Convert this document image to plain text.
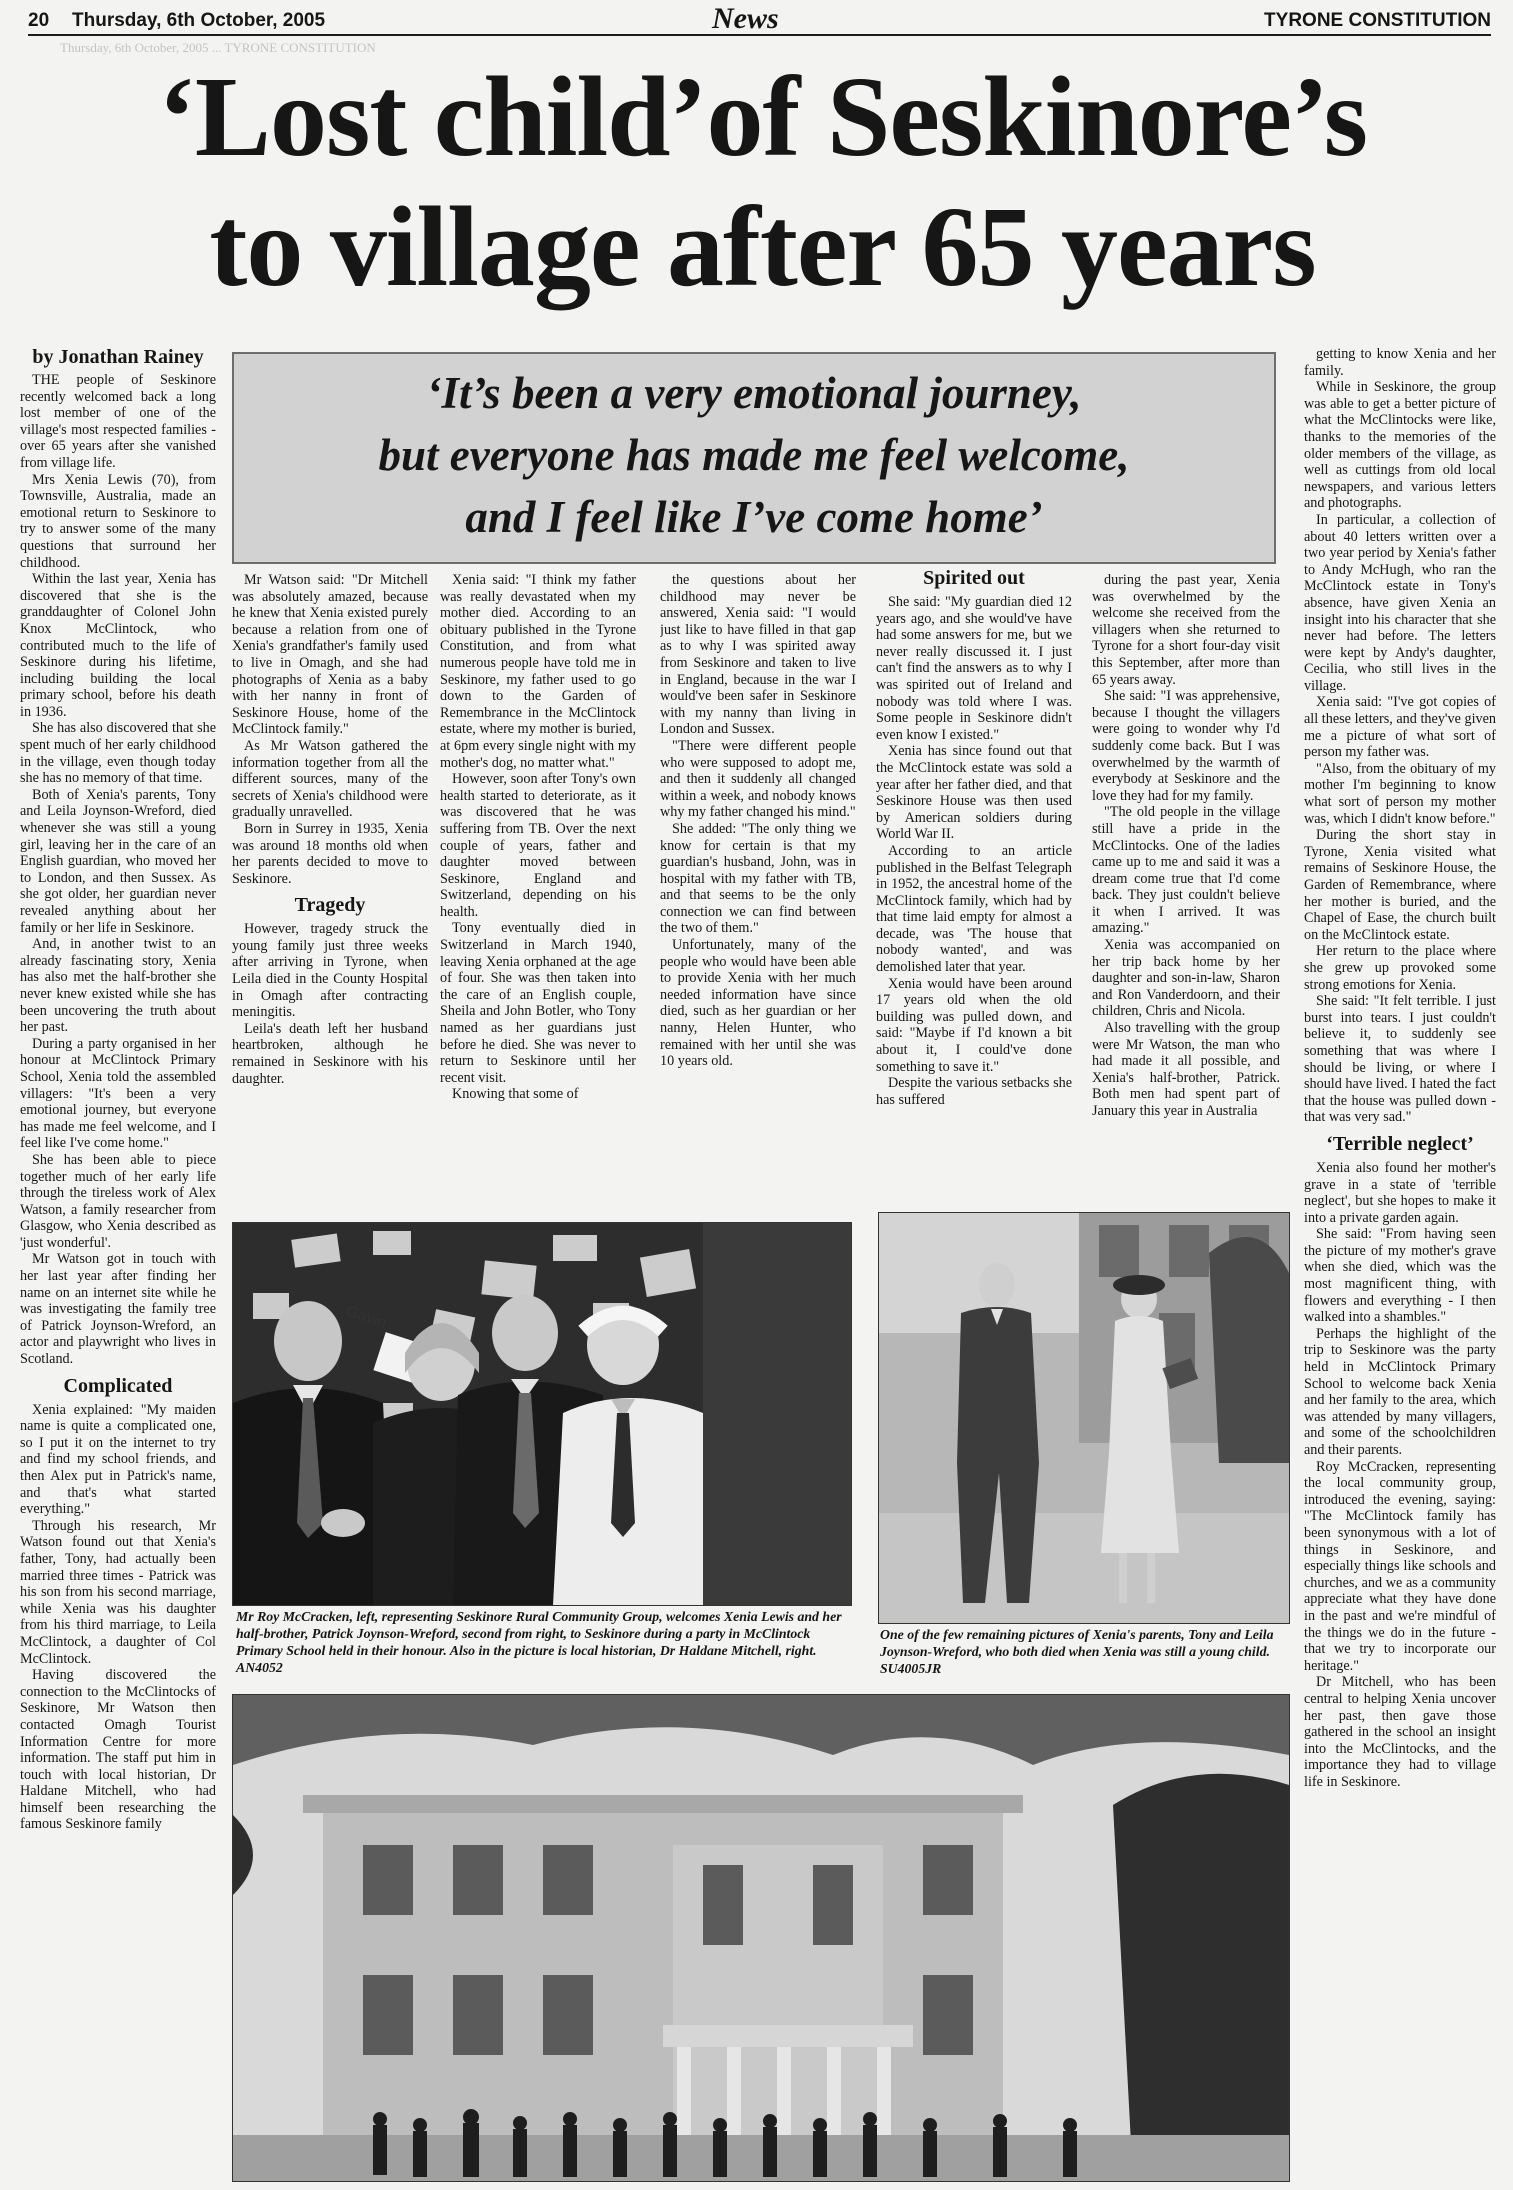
20 Thursday, 6th October, 2005	News	TYRONE CONSTITUTION
Thursday, 6th October, 2005 ... TYRONE CONSTITUTION
‘Lost child’of Seskinore’s
to village after 65 years
‘It’s been a very emotional journey,
but everyone has made me feel welcome,
and I feel like I’ve come home’
by Jonathan Rainey

THE people of Seskinore recently welcomed back a long lost member of one of the village's most respected families - over 65 years after she vanished from village life.

Mrs Xenia Lewis (70), from Townsville, Australia, made an emotional return to Seskinore to try to answer some of the many questions that surround her childhood.

Within the last year, Xenia has discovered that she is the granddaughter of Colonel John Knox McClintock, who contributed much to the life of Seskinore during his lifetime, including building the local primary school, before his death in 1936.

She has also discovered that she spent much of her early childhood in the village, even though today she has no memory of that time.

Both of Xenia's parents, Tony and Leila Joynson-Wreford, died whenever she was still a young girl, leaving her in the care of an English guardian, who moved her to London, and then Sussex. As she got older, her guardian never revealed anything about her family or her life in Seskinore.

And, in another twist to an already fascinating story, Xenia has also met the half-brother she never knew existed while she has been uncovering the truth about her past.

During a party organised in her honour at McClintock Primary School, Xenia told the assembled villagers: "It's been a very emotional journey, but everyone has made me feel welcome, and I feel like I've come home."

She has been able to piece together much of her early life through the tireless work of Alex Watson, a family researcher from Glasgow, who Xenia described as 'just wonderful'.

Mr Watson got in touch with her last year after finding her name on an internet site while he was investigating the family tree of Patrick Joynson-Wreford, an actor and playwright who lives in Scotland.

Complicated

Xenia explained: "My maiden name is quite a complicated one, so I put it on the internet to try and find my school friends, and then Alex put in Patrick's name, and that's what started everything."

Through his research, Mr Watson found out that Xenia's father, Tony, had actually been married three times - Patrick was his son from his second marriage, while Xenia was his daughter from his third marriage, to Leila McClintock, a daughter of Col McClintock.

Having discovered the connection to the McClintocks of Seskinore, Mr Watson then contacted Omagh Tourist Information Centre for more information. The staff put him in touch with local historian, Dr Haldane Mitchell, who had himself been researching the famous Seskinore family

Mr Watson said: "Dr Mitchell was absolutely amazed, because he knew that Xenia existed purely because a relation from one of Xenia's grandfather's family used to live in Omagh, and she had photographs of Xenia as a baby with her nanny in front of Seskinore House, home of the McClintock family."

As Mr Watson gathered the information together from all the different sources, many of the secrets of Xenia's childhood were gradually unravelled.

Born in Surrey in 1935, Xenia was around 18 months old when her parents decided to move to Seskinore.

Tragedy

However, tragedy struck the young family just three weeks after arriving in Tyrone, when Leila died in the County Hospital in Omagh after contracting meningitis.

Leila's death left her husband heartbroken, although he remained in Seskinore with his daughter.

Xenia said: "I think my father was really devastated when my mother died. According to an obituary published in the Tyrone Constitution, and from what numerous people have told me in Seskinore, my father used to go down to the Garden of Remembrance in the McClintock estate, where my mother is buried, at 6pm every single night with my mother's dog, no matter what."

However, soon after Tony's own health started to deteriorate, as it was discovered that he was suffering from TB. Over the next couple of years, father and daughter moved between Seskinore, England and Switzerland, depending on his health.

Tony eventually died in Switzerland in March 1940, leaving Xenia orphaned at the age of four. She was then taken into the care of an English couple, Sheila and John Botler, who Tony named as her guardians just before he died. She was never to return to Seskinore until her recent visit.

Knowing that some of

the questions about her childhood may never be answered, Xenia said: "I would just like to have filled in that gap as to why I was spirited away from Seskinore and taken to live in England, because in the war I would've been safer in Seskinore with my nanny than living in London and Sussex.

"There were different people who were supposed to adopt me, and then it suddenly all changed within a week, and nobody knows why my father changed his mind."

She added: "The only thing we know for certain is that my guardian's husband, John, was in hospital with my father with TB, and that seems to be the only connection we can find between the two of them."

Unfortunately, many of the people who would have been able to provide Xenia with her much needed information have since died, such as her guardian or her nanny, Helen Hunter, who remained with her until she was 10 years old.

Spirited out

She said: "My guardian died 12 years ago, and she would've have had some answers for me, but we never really discussed it. I just can't find the answers as to why I was spirited out of Ireland and nobody was told where I was. Some people in Seskinore didn't even know I existed."

Xenia has since found out that the McClintock estate was sold a year after her father died, and that Seskinore House was then used by American soldiers during World War II.

According to an article published in the Belfast Telegraph in 1952, the ancestral home of the McClintock family, which had by that time laid empty for almost a decade, was 'The house that nobody wanted', and was demolished later that year.

Xenia would have been around 17 years old when the old building was pulled down, and said: "Maybe if I'd known a bit about it, I could've done something to save it."

Despite the various setbacks she has suffered

during the past year, Xenia was overwhelmed by the welcome she received from the villagers when she returned to Tyrone for a short four-day visit this September, after more than 65 years away.

She said: "I was apprehensive, because I thought the villagers were going to wonder why I'd suddenly come back. But I was overwhelmed by the warmth of everybody at Seskinore and the love they had for my family.

"The old people in the village still have a pride in the McClintocks. One of the ladies came up to me and said it was a dream come true that I'd come back. They just couldn't believe it when I arrived. It was amazing."

Xenia was accompanied on her trip back home by her daughter and son-in-law, Sharon and Ron Vanderdoorn, and their children, Chris and Nicola.

Also travelling with the group were Mr Watson, the man who had made it all possible, and Xenia's half-brother, Patrick. Both men had spent part of January this year in Australia

getting to know Xenia and her family.

While in Seskinore, the group was able to get a better picture of what the McClintocks were like, thanks to the memories of the older members of the village, as well as cuttings from old local newspapers, and various letters and photographs.

In particular, a collection of about 40 letters written over a two year period by Xenia's father to Andy McHugh, who ran the McClintock estate in Tony's absence, have given Xenia an insight into his character that she never had before. The letters were kept by Andy's daughter, Cecilia, who still lives in the village.

Xenia said: "I've got copies of all these letters, and they've given me a picture of what sort of person my father was.

"Also, from the obituary of my mother I'm beginning to know what sort of person my mother was, which I didn't know before."

During the short stay in Tyrone, Xenia visited what remains of Seskinore House, the Garden of Remembrance, where her mother is buried, and the Chapel of Ease, the church built on the McClintock estate.

Her return to the place where she grew up provoked some strong emotions for Xenia.

She said: "It felt terrible. I just burst into tears. I just couldn't believe it, to suddenly see something that was where I should be living, or where I should have lived. I hated the fact that the house was pulled down - that was very sad."

‘Terrible neglect’

Xenia also found her mother's grave in a state of 'terrible neglect', but she hopes to make it into a private garden again.

She said: "From having seen the picture of my mother's grave when she died, which was the most magnificent thing, with flowers and everything - I then walked into a shambles."

Perhaps the highlight of the trip to Seskinore was the party held in McClintock Primary School to welcome back Xenia and her family to the area, which was attended by many villagers, and some of the schoolchildren and their parents.

Roy McCracken, representing the local community group, introduced the evening, saying: "The McClintock family has been synonymous with a lot of things in Seskinore, and especially things like schools and churches, and we as a community appreciate what they have done in the past and we're mindful of the things we do in the future - that we try to incorporate our heritage."

Dr Mitchell, who has been central to helping Xenia uncover her past, then gave those gathered in the school an insight into the McClintocks, and the importance they had to village life in Seskinore.

Gavin
Mr Roy McCracken, left, representing Seskinore Rural Community Group, welcomes Xenia Lewis and her half-brother, Patrick Joynson-Wreford, second from right, to Seskinore during a party in McClintock Primary School held in their honour. Also in the picture is local historian, Dr Haldane Mitchell, right. AN4052
One of the few remaining pictures of Xenia's parents, Tony and Leila Joynson-Wreford, who both died when Xenia was still a young child. SU4005JR
